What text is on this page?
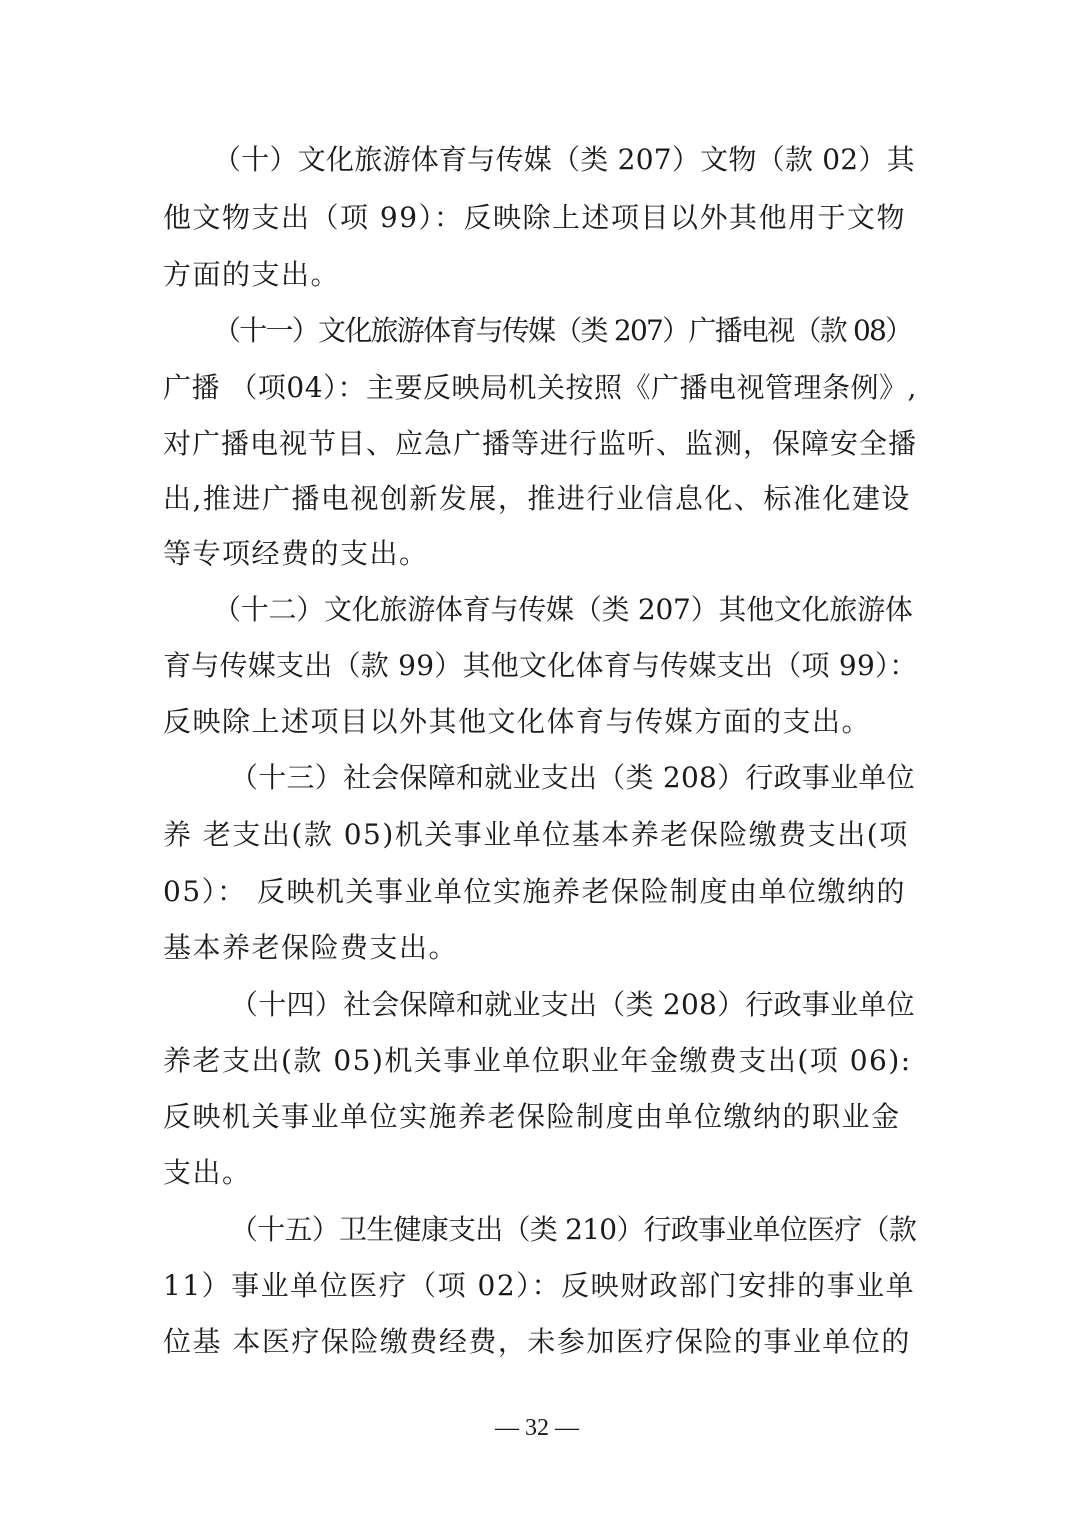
（十）文化旅游体育与传媒（类 207）文物（款 02）其
他文物支出（项 99）：反映除上述项目以外其他用于文物
方面的支出。
（十一）文化旅游体育与传媒（类 207）广播电视（款 08）
广播 （项04）：主要反映局机关按照《广播电视管理条例》,
对广播电视节目、应急广播等进行监听、监测，保障安全播
出,推进广播电视创新发展，推进行业信息化、标准化建设
等专项经费的支出。
（十二）文化旅游体育与传媒（类 207）其他文化旅游体
育与传媒支出（款 99）其他文化体育与传媒支出（项 99）：
反映除上述项目以外其他文化体育与传媒方面的支出。
（十三）社会保障和就业支出（类 208）行政事业单位
养 老支出(款 05)机关事业单位基本养老保险缴费支出(项
05）： 反映机关事业单位实施养老保险制度由单位缴纳的
基本养老保险费支出。
（十四）社会保障和就业支出（类 208）行政事业单位
养老支出(款 05)机关事业单位职业年金缴费支出(项 06):
反映机关事业单位实施养老保险制度由单位缴纳的职业金
支出。
（十五）卫生健康支出（类 210）行政事业单位医疗（款
11）事业单位医疗（项 02）：反映财政部门安排的事业单
位基 本医疗保险缴费经费，未参加医疗保险的事业单位的
— 32 —
